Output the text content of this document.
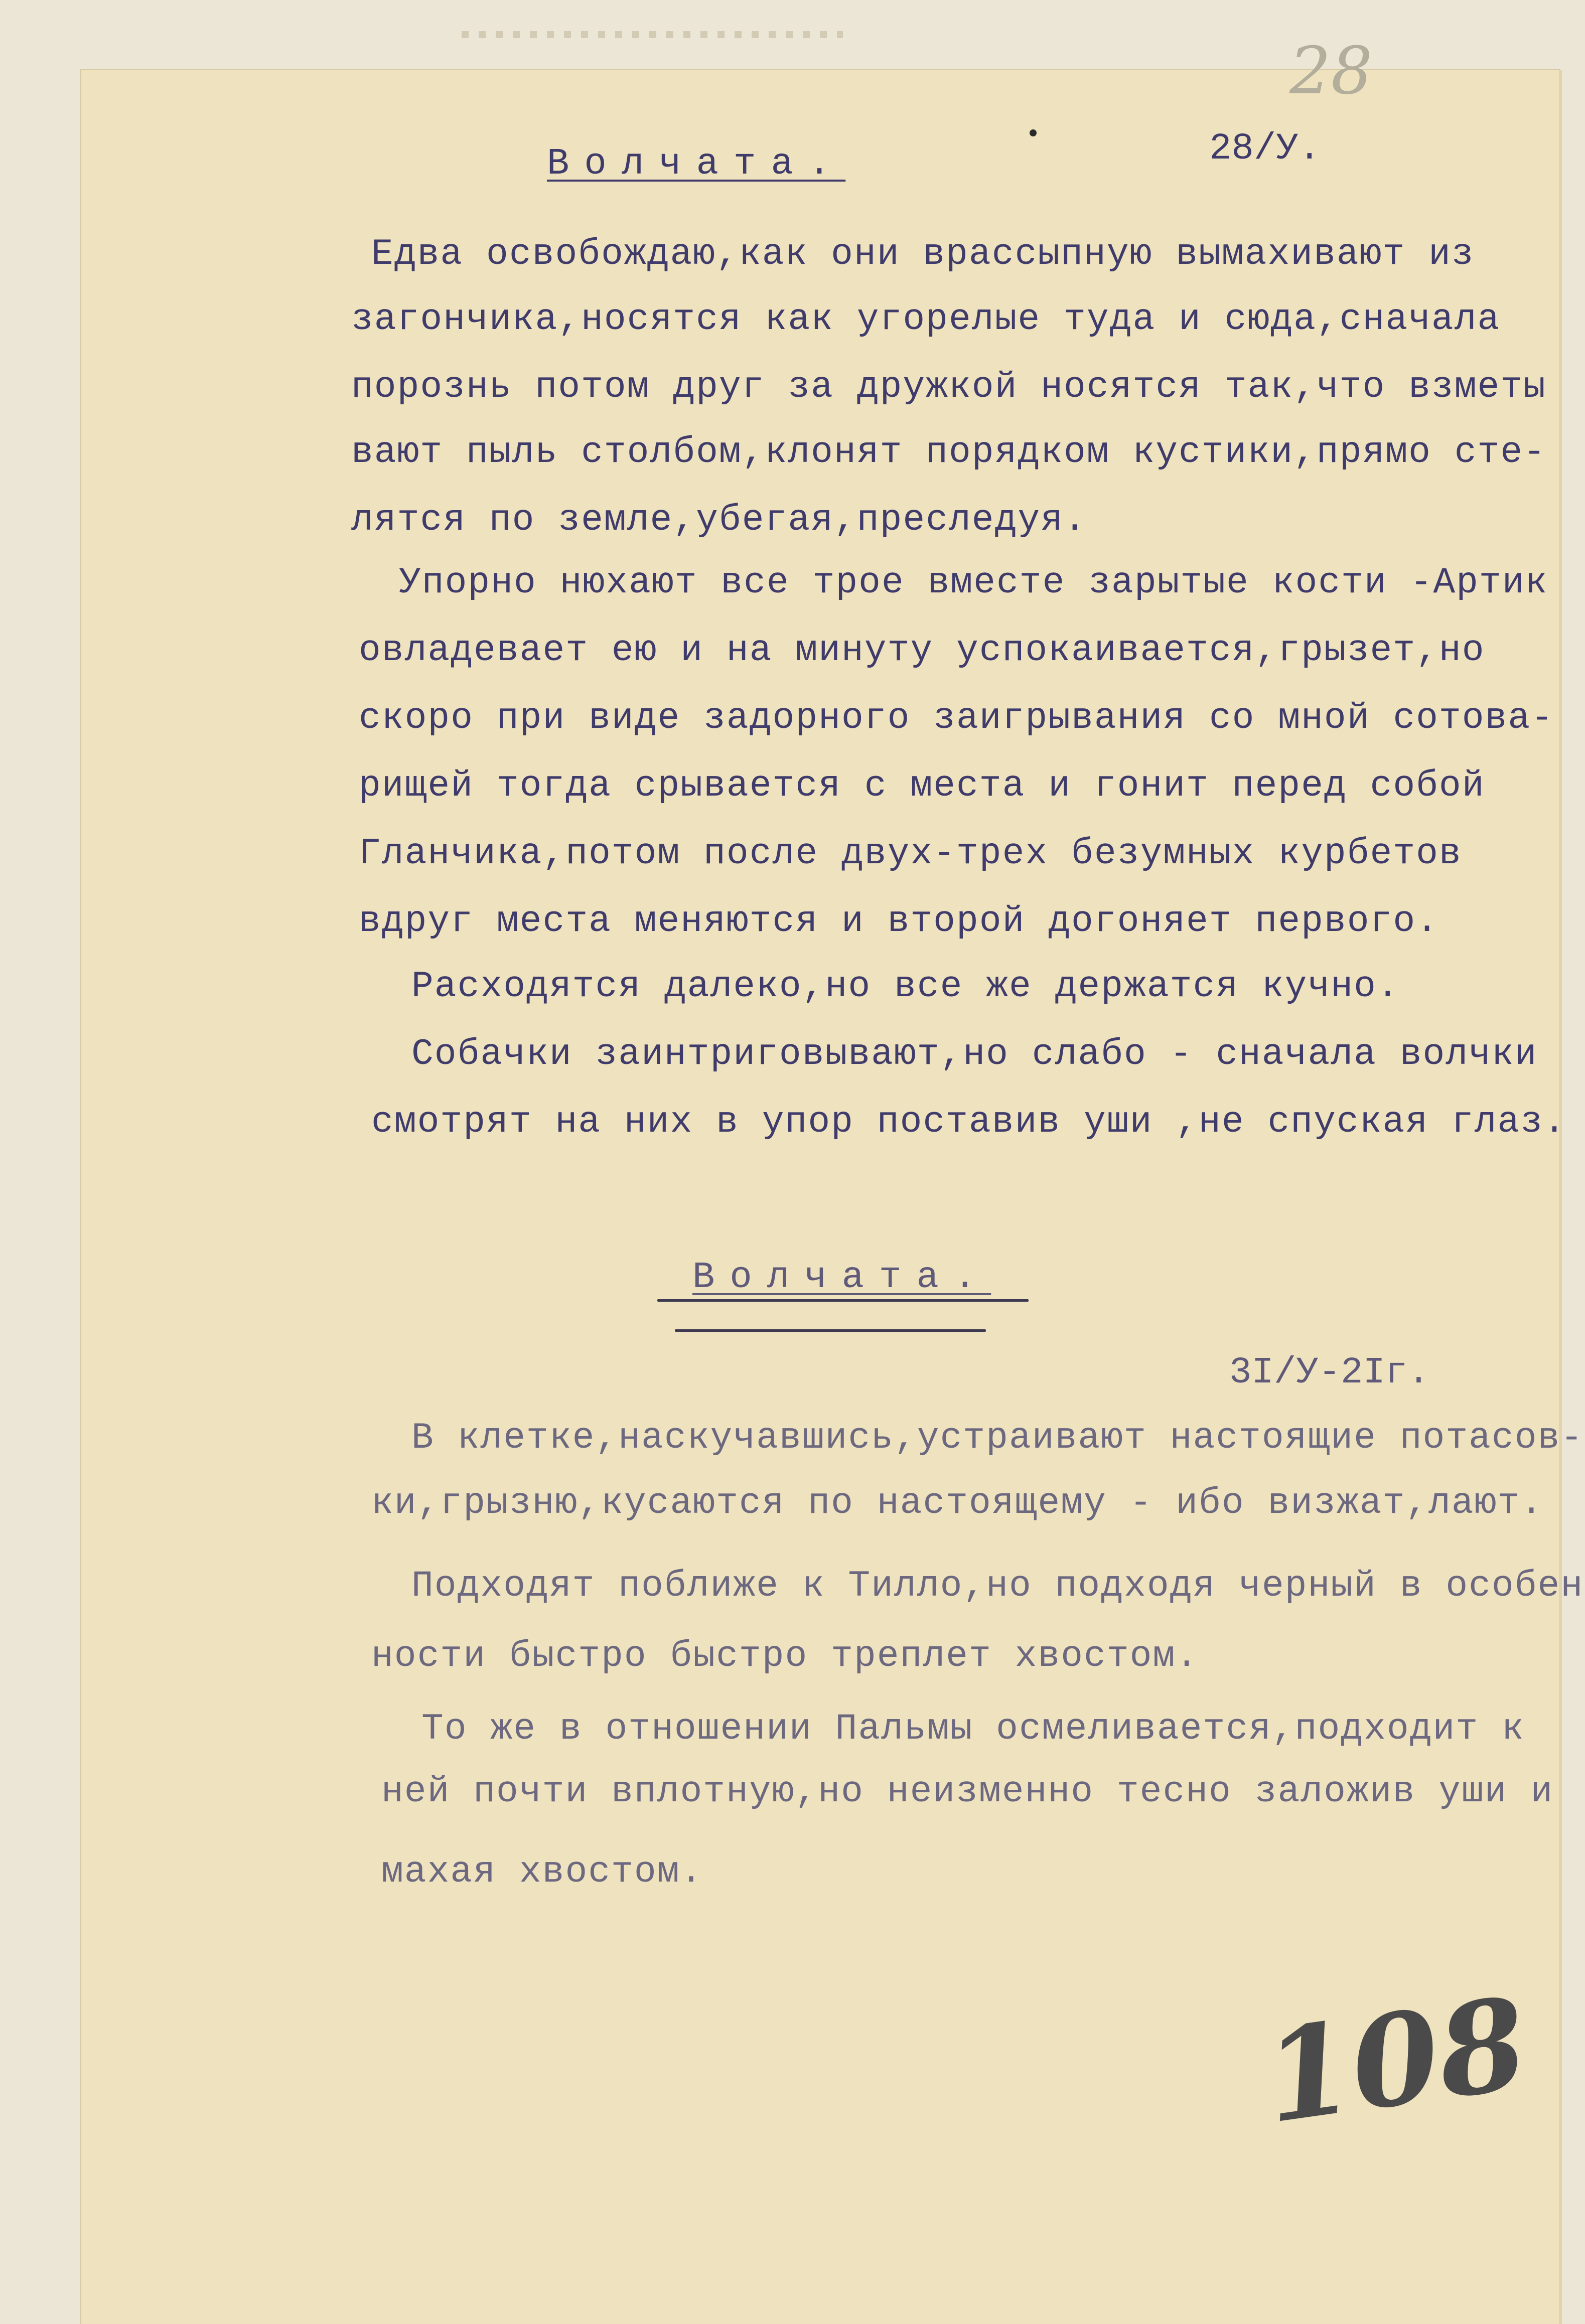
28
Волчата.	28/У.
Едва освобождаю,как они врассыпную вымахивают из
загончика,носятся как угорелые туда и сюда,сначала
порознь потом друг за дружкой носятся так,что взметы
вают пыль столбом,клонят порядком кустики,прямо сте-
лятся по земле,убегая,преследуя.
Упорно нюхают все трое вместе зарытые кости -Артик
овладевает ею и на минуту успокаивается,грызет,но
скоро при виде задорного заигрывания со мной сотова-
рищей тогда срывается с места и гонит перед собой
Гланчика,потом после двух-трех безумных курбетов
вдруг места меняются и второй догоняет первого.
Расходятся далеко,но все же держатся кучно.
Собачки заинтриговывают,но слабо - сначала волчки
смотрят на них в упор поставив уши ,не спуская глаз.
Волчата.
3I/У-2Iг.
В клетке,наскучавшись,устраивают настоящие потасов-
ки,грызню,кусаются по настоящему - ибо визжат,лают.
Подходят поближе к Тилло,но подходя черный в особен
ности быстро быстро треплет хвостом.
То же в отношении Пальмы осмеливается,подходит к
ней почти вплотную,но неизменно тесно заложив уши и
махая хвостом.
108
